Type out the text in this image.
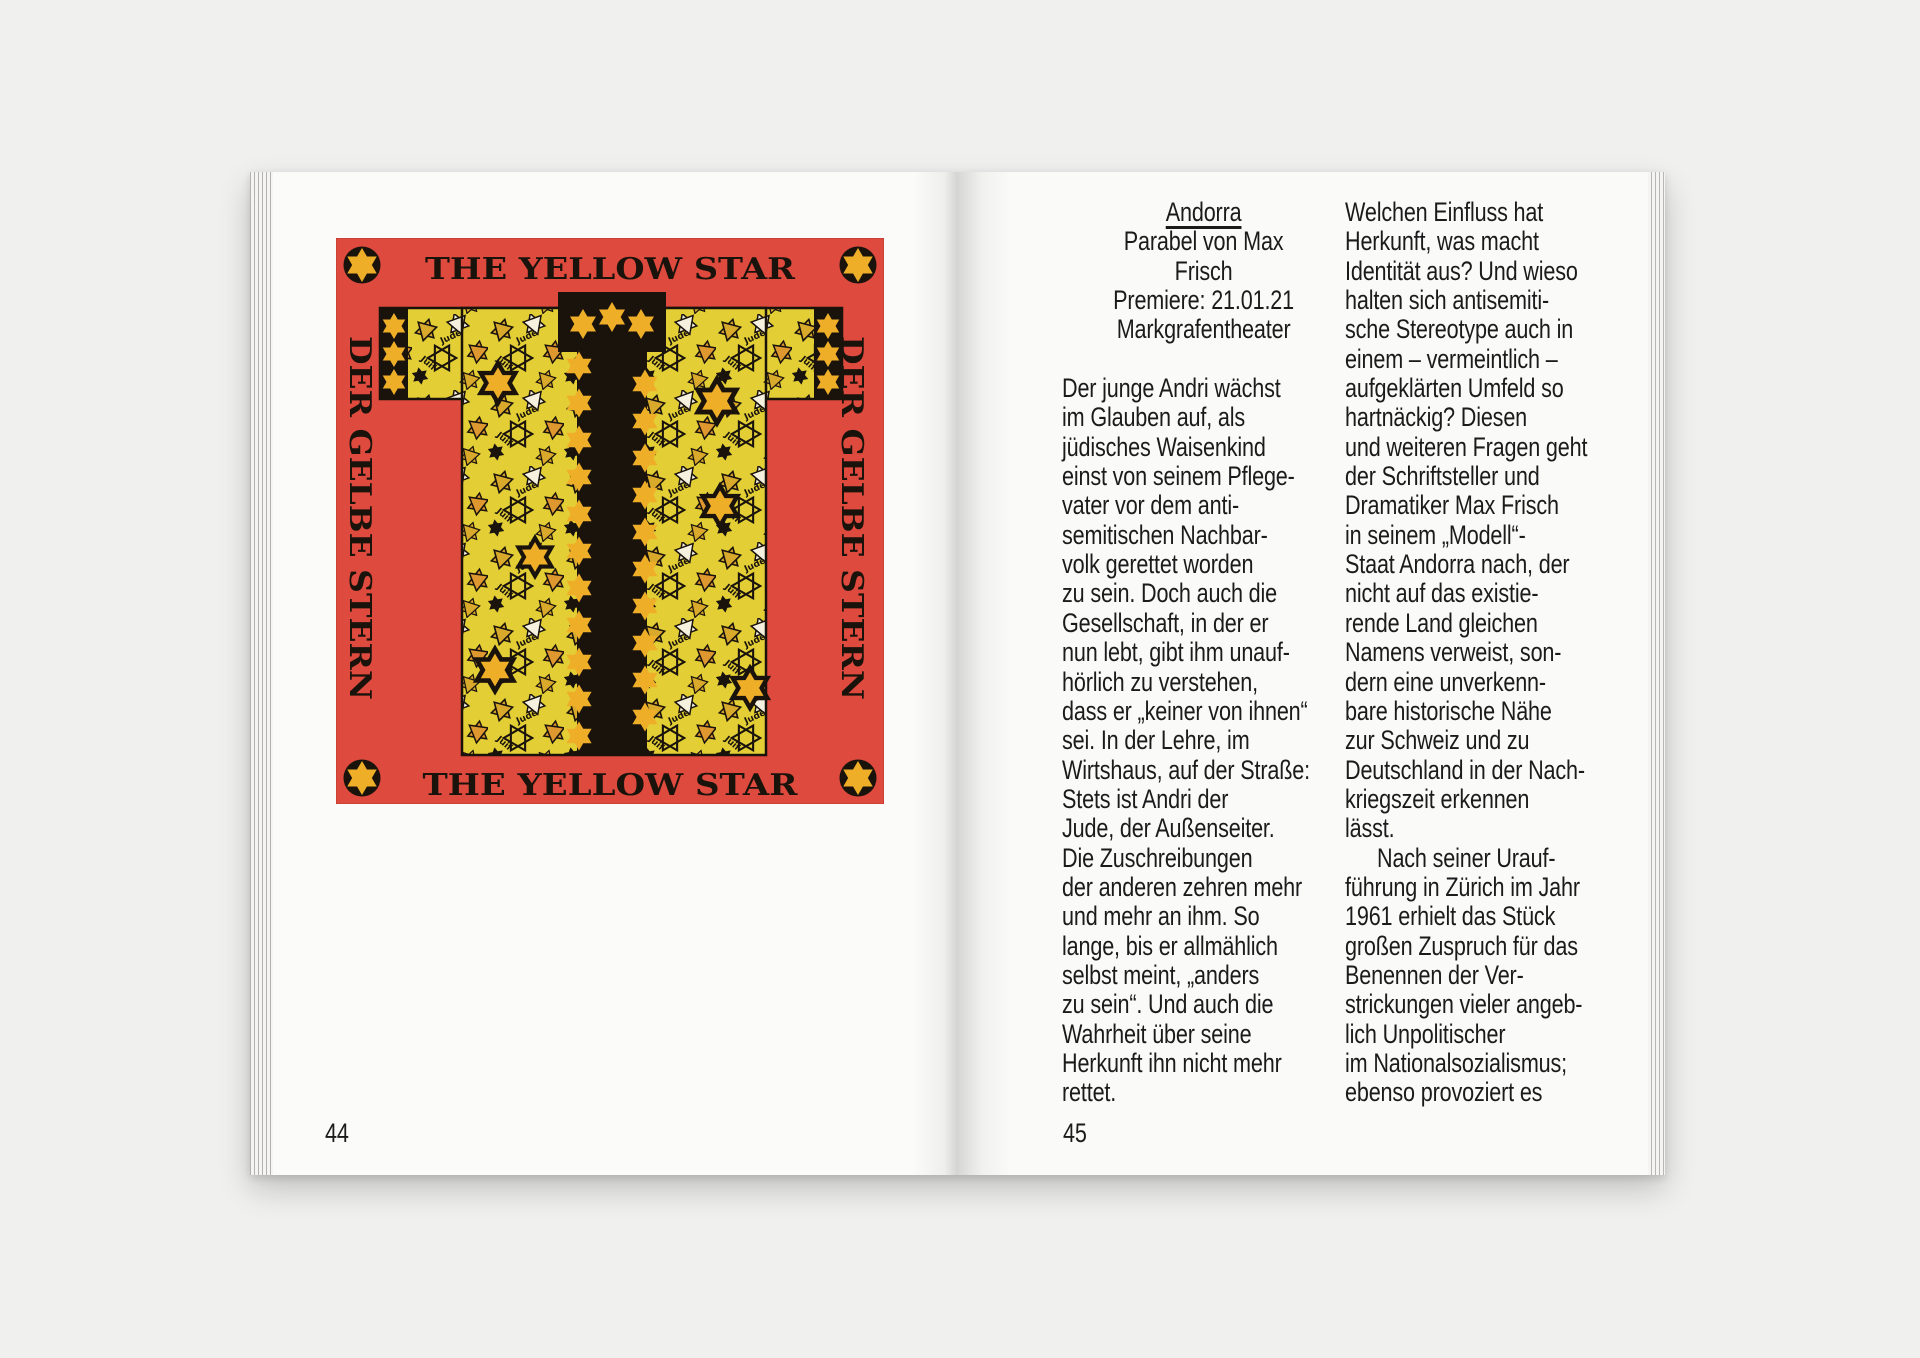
THE YELLOW STAR
THE YELLOW STAR
DER GELBE STERN	DER GELBE STERN
44
Andorra
Parabel von Max
Frisch
Premiere: 21.01.21
Markgrafentheater
Der junge Andri wächst
im Glauben auf, als
jüdisches Waisenkind
einst von seinem Pflege-
vater vor dem anti-
semitischen Nachbar-
volk gerettet worden
zu sein. Doch auch die
Gesellschaft, in der er
nun lebt, gibt ihm unauf-
hörlich zu verstehen,
dass er „keiner von ihnen“
sei. In der Lehre, im
Wirtshaus, auf der Straße:
Stets ist Andri der
Jude, der Außenseiter.
Die Zuschreibungen
der anderen zehren mehr
und mehr an ihm. So
lange, bis er allmählich
selbst meint, „anders
zu sein“. Und auch die
Wahrheit über seine
Herkunft ihn nicht mehr
rettet.
Welchen Einfluss hat
Herkunft, was macht
Identität aus? Und wieso
halten sich antisemiti-
sche Stereotype auch in
einem – vermeintlich –
aufgeklärten Umfeld so
hartnäckig? Diesen
und weiteren Fragen geht
der Schriftsteller und
Dramatiker Max Frisch
in seinem „Modell“-
Staat Andorra nach, der
nicht auf das existie-
rende Land gleichen
Namens verweist, son-
dern eine unverkenn-
bare historische Nähe
zur Schweiz und zu
Deutschland in der Nach-
kriegszeit erkennen
lässt.
Nach seiner Urauf-
führung in Zürich im Jahr
1961 erhielt das Stück
großen Zuspruch für das
Benennen der Ver-
strickungen vieler angeb-
lich Unpolitischer
im Nationalsozialismus;
ebenso provoziert es
45
